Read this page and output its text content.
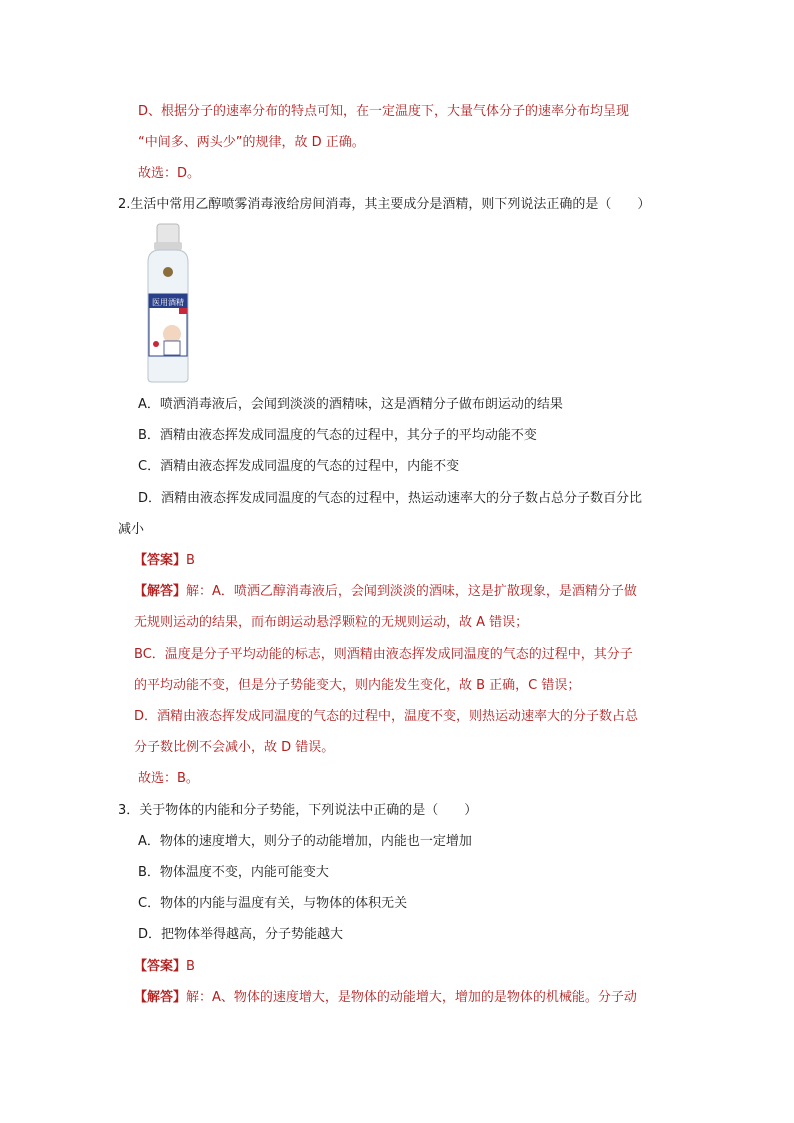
D、根据分子的速率分布的特点可知，在一定温度下，大量气体分子的速率分布均呈现
“中间多、两头少”的规律，故 D 正确。
故选：D。
2.生活中常用乙醇喷雾消毒液给房间消毒，其主要成分是酒精，则下列说法正确的是（　　）
医用酒精
A．喷洒消毒液后，会闻到淡淡的酒精味，这是酒精分子做布朗运动的结果
B．酒精由液态挥发成同温度的气态的过程中，其分子的平均动能不变
C．酒精由液态挥发成同温度的气态的过程中，内能不变
D．酒精由液态挥发成同温度的气态的过程中，热运动速率大的分子数占总分子数百分比
减小
【答案】B
【解答】解：A．喷洒乙醇消毒液后，会闻到淡淡的酒味，这是扩散现象，是酒精分子做
无规则运动的结果，而布朗运动悬浮颗粒的无规则运动，故 A 错误；
BC．温度是分子平均动能的标志，则酒精由液态挥发成同温度的气态的过程中，其分子
的平均动能不变，但是分子势能变大，则内能发生变化，故 B 正确，C 错误；
D．酒精由液态挥发成同温度的气态的过程中，温度不变，则热运动速率大的分子数占总
分子数比例不会减小，故 D 错误。
故选：B。
3．关于物体的内能和分子势能，下列说法中正确的是（　　）
A．物体的速度增大，则分子的动能增加，内能也一定增加
B．物体温度不变，内能可能变大
C．物体的内能与温度有关，与物体的体积无关
D．把物体举得越高，分子势能越大
【答案】B
【解答】解：A、物体的速度增大，是物体的动能增大，增加的是物体的机械能。分子动
